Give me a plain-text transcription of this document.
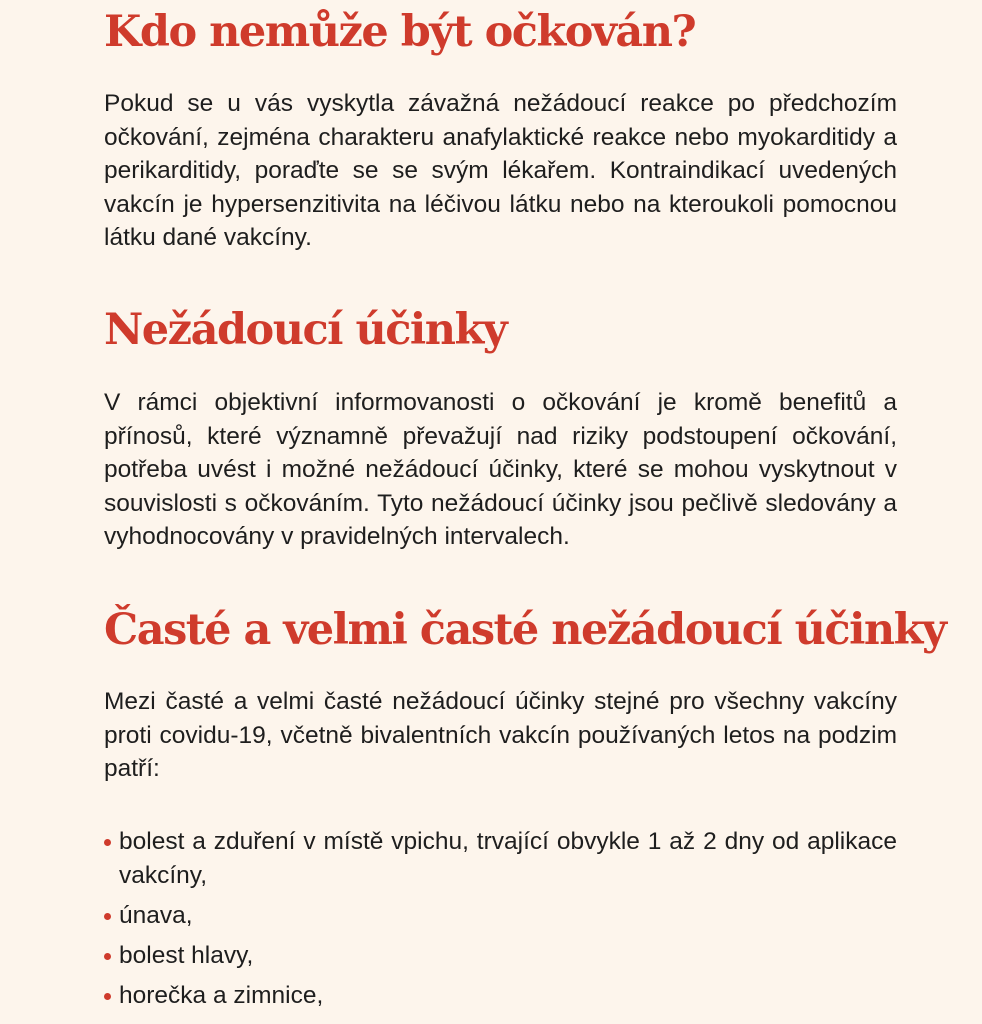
Kdo nemůže být očkován?

Pokud se u vás vyskytla závažná nežádoucí reakce po předchozím očkování, zejména charakteru anafylaktické reakce nebo myokarditidy a perikarditidy, poraďte se se svým lékařem. Kontraindikací uvedených vakcín je hypersenzitivita na léčivou látku nebo na kteroukoli pomocnou látku dané vakcíny.

Nežádoucí účinky

V rámci objektivní informovanosti o očkování je kromě benefitů a přínosů, které významně převažují nad riziky podstoupení očkování, potřeba uvést i možné nežádoucí účinky, které se mohou vyskytnout v souvislosti s očkováním. Tyto nežádoucí účinky jsou pečlivě sledovány a vyhodnocovány v pravidelných intervalech.

Časté a velmi časté nežádoucí účinky

Mezi časté a velmi časté nežádoucí účinky stejné pro všechny vakcíny proti covidu-19, včetně bivalentních vakcín používaných letos na podzim patří:

bolest a zduření v místě vpichu, trvající obvykle 1 až 2 dny od aplikace vakcíny,
únava,
bolest hlavy,
horečka a zimnice,
